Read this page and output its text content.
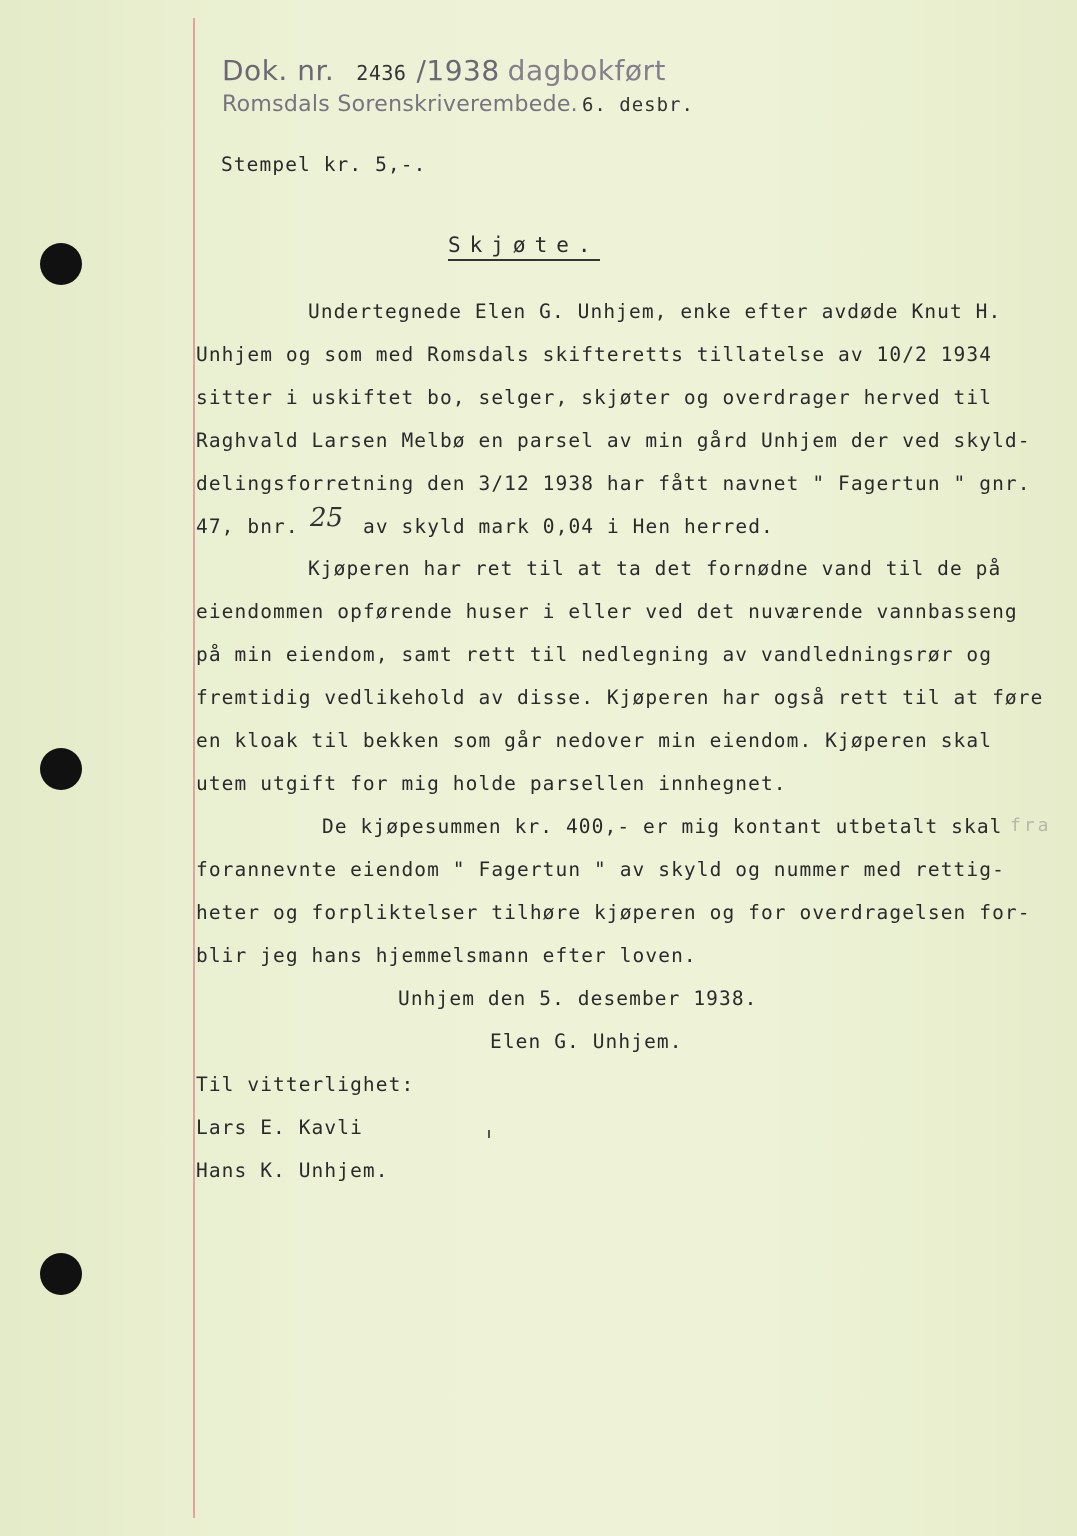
Dok. nr. 2436 /1938 dagbokført
Romsdals Sorenskriverembede. 6. desbr.
Stempel kr. 5,-.
Skjøte.
Undertegnede Elen G. Unhjem, enke efter avdøde Knut H.
Unhjem og som med Romsdals skifteretts tillatelse av 10/2 1934
sitter i uskiftet bo, selger, skjøter og overdrager herved til
Raghvald Larsen Melbø en parsel av min gård Unhjem der ved skyld-
delingsforretning den 3/12 1938 har fått navnet " Fagertun " gnr.
47, bnr. 25 av skyld mark 0,04 i Hen herred.
Kjøperen har ret til at ta det fornødne vand til de på
eiendommen opførende huser i eller ved det nuværende vannbasseng
på min eiendom, samt rett til nedlegning av vandledningsrør og
fremtidig vedlikehold av disse. Kjøperen har også rett til at føre
en kloak til bekken som går nedover min eiendom. Kjøperen skal
utem utgift for mig holde parsellen innhegnet.
De kjøpesummen kr. 400,- er mig kontant utbetalt skal fra
forannevnte eiendom " Fagertun " av skyld og nummer med rettig-
heter og forpliktelser tilhøre kjøperen og for overdragelsen for-
blir jeg hans hjemmelsmann efter loven.
Unhjem den 5. desember 1938.
Elen G. Unhjem.
Til vitterlighet:
Lars E. Kavli
Hans K. Unhjem.
